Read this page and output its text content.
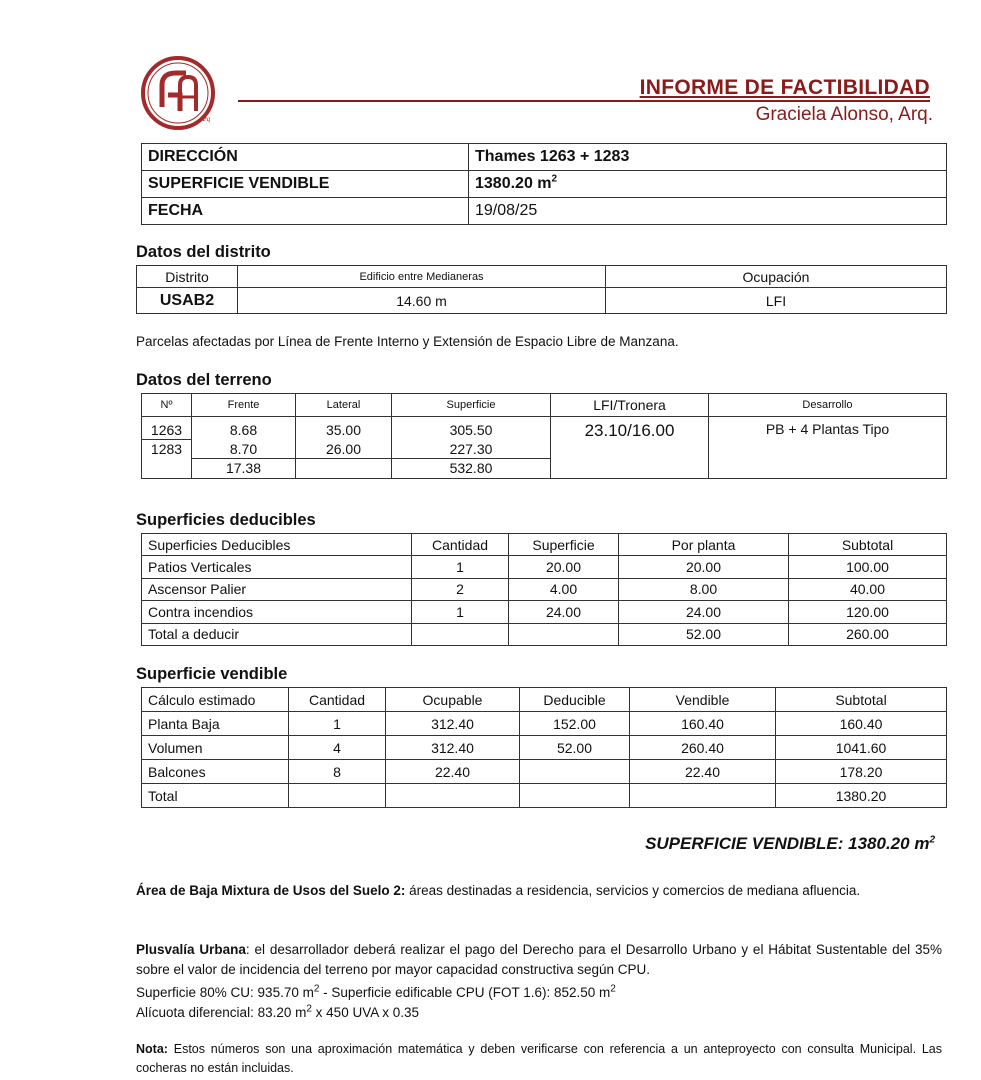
Arq
INFORME DE FACTIBILIDAD
Graciela Alonso, Arq.
DIRECCIÓN	Thames 1263 + 1283
SUPERFICIE VENDIBLE	1380.20 $m^2$
FECHA	19/08/25
Datos del distrito
Distrito	Edificio entre Medianeras	Ocupación
USAB2	14.60 m	LFI
Parcelas afectadas por Línea de Frente Interno y Extensión de Espacio Libre de Manzana.
Datos del terreno
Nº	Frente	Lateral	Superficie	LFI/Tronera	Desarrollo
1263	8.68	35.00	305.50	23.10/16.00	PB + 4 Plantas Tipo
1283	8.70	26.00	227.30		
	17.38		532.80		
Superficies deducibles
Superficies Deducibles	Cantidad	Superficie	Por planta	Subtotal
Patios Verticales	1	20.00	20.00	100.00
Ascensor Palier	2	4.00	8.00	40.00
Contra incendios	1	24.00	24.00	120.00
Total a deducir			52.00	260.00
Superficie vendible
Cálculo estimado	Cantidad	Ocupable	Deducible	Vendible	Subtotal
Planta Baja	1	312.40	152.00	160.40	160.40
Volumen	4	312.40	52.00	260.40	1041.60
Balcones	8	22.40		22.40	178.20
Total					1380.20
SUPERFICIE VENDIBLE: 1380.20 $m^2$
Área de Baja Mixtura de Usos del Suelo 2: áreas destinadas a residencia, servicios y comercios de mediana afluencia.
Plusvalía Urbana: el desarrollador deberá realizar el pago del Derecho para el Desarrollo Urbano y el Hábitat Sustentable del 35% sobre el valor de incidencia del terreno por mayor capacidad constructiva según CPU.
Superficie 80% CU: 935.70 $m^2$ - Superficie edificable CPU (FOT 1.6): 852.50 $m^2$
Alícuota diferencial: 83.20 $m^2$ x 450 UVA x 0.35
Nota: Estos números son una aproximación matemática y deben verificarse con referencia a un anteproyecto con consulta Municipal. Las cocheras no están incluidas.
